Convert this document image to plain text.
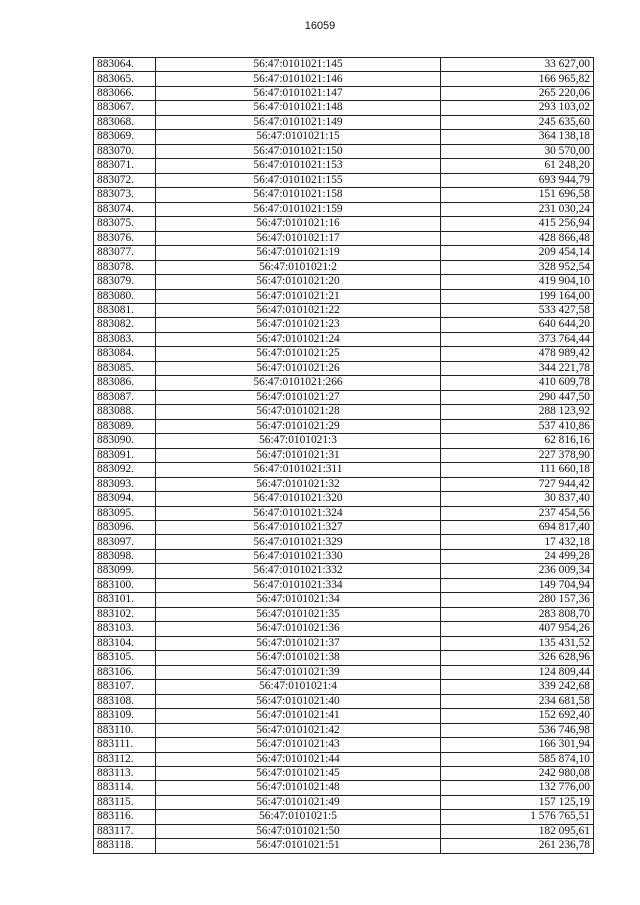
16059
883064.	56:47:0101021:145	33 627,00
883065.	56:47:0101021:146	166 965,82
883066.	56:47:0101021:147	265 220,06
883067.	56:47:0101021:148	293 103,02
883068.	56:47:0101021:149	245 635,60
883069.	56:47:0101021:15	364 138,18
883070.	56:47:0101021:150	30 570,00
883071.	56:47:0101021:153	61 248,20
883072.	56:47:0101021:155	693 944,79
883073.	56:47:0101021:158	151 696,58
883074.	56:47:0101021:159	231 030,24
883075.	56:47:0101021:16	415 256,94
883076.	56:47:0101021:17	428 866,48
883077.	56:47:0101021:19	209 454,14
883078.	56:47:0101021:2	328 952,54
883079.	56:47:0101021:20	419 904,10
883080.	56:47:0101021:21	199 164,00
883081.	56:47:0101021:22	533 427,58
883082.	56:47:0101021:23	640 644,20
883083.	56:47:0101021:24	373 764,44
883084.	56:47:0101021:25	478 989,42
883085.	56:47:0101021:26	344 221,78
883086.	56:47:0101021:266	410 609,78
883087.	56:47:0101021:27	290 447,50
883088.	56:47:0101021:28	288 123,92
883089.	56:47:0101021:29	537 410,86
883090.	56:47:0101021:3	62 816,16
883091.	56:47:0101021:31	227 378,90
883092.	56:47:0101021:311	111 660,18
883093.	56:47:0101021:32	727 944,42
883094.	56:47:0101021:320	30 837,40
883095.	56:47:0101021:324	237 454,56
883096.	56:47:0101021:327	694 817,40
883097.	56:47:0101021:329	17 432,18
883098.	56:47:0101021:330	24 499,28
883099.	56:47:0101021:332	236 009,34
883100.	56:47:0101021:334	149 704,94
883101.	56:47:0101021:34	280 157,36
883102.	56:47:0101021:35	283 808,70
883103.	56:47:0101021:36	407 954,26
883104.	56:47:0101021:37	135 431,52
883105.	56:47:0101021:38	326 628,96
883106.	56:47:0101021:39	124 809,44
883107.	56:47:0101021:4	339 242,68
883108.	56:47:0101021:40	234 681,58
883109.	56:47:0101021:41	152 692,40
883110.	56:47:0101021:42	536 746,98
883111.	56:47:0101021:43	166 301,94
883112.	56:47:0101021:44	585 874,10
883113.	56:47:0101021:45	242 980,08
883114.	56:47:0101021:48	132 776,00
883115.	56:47:0101021:49	157 125,19
883116.	56:47:0101021:5	1 576 765,51
883117.	56:47:0101021:50	182 095,61
883118.	56:47:0101021:51	261 236,78
